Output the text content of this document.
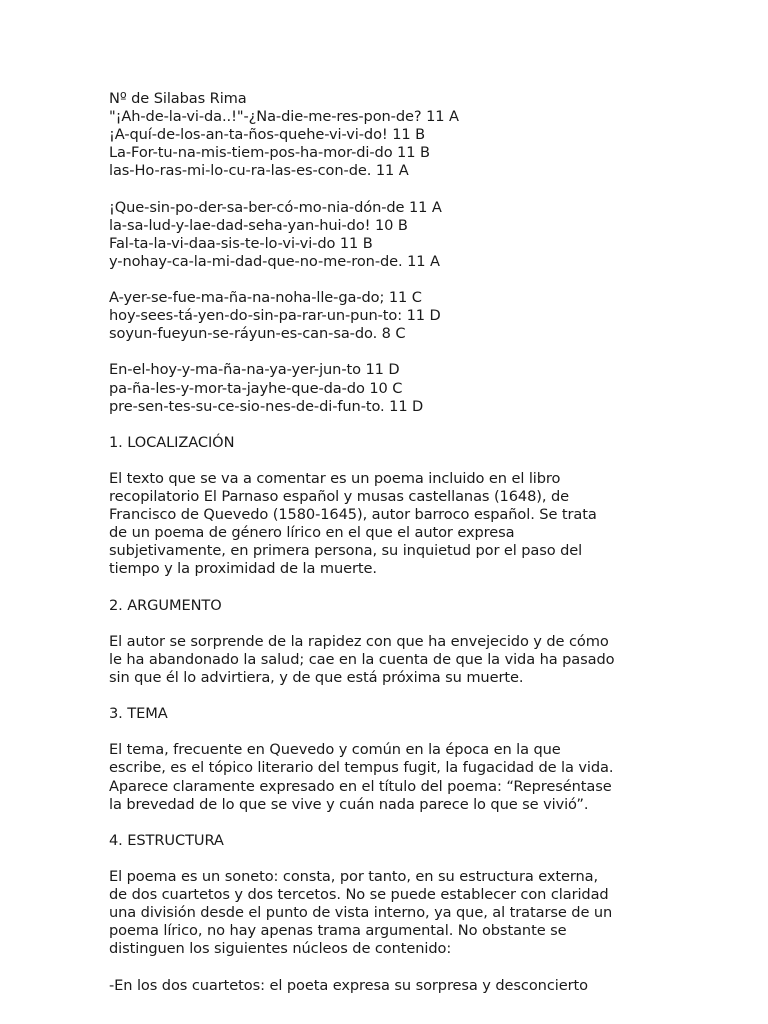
Nº de Silabas Rima
"¡Ah-de-la-vi-da..!"-¿Na-die-me-res-pon-de? 11 A
¡A-quí-de-los-an-ta-ños-quehe-vi-vi-do! 11 B
La-For-tu-na-mis-tiem-pos-ha-mor-di-do 11 B
las-Ho-ras-mi-lo-cu-ra-las-es-con-de. 11 A
¡Que-sin-po-der-sa-ber-có-mo-nia-dón-de 11 A
la-sa-lud-y-lae-dad-seha-yan-hui-do! 10 B
Fal-ta-la-vi-daa-sis-te-lo-vi-vi-do 11 B
y-nohay-ca-la-mi-dad-que-no-me-ron-de. 11 A
A-yer-se-fue-ma-ña-na-noha-lle-ga-do; 11 C
hoy-sees-tá-yen-do-sin-pa-rar-un-pun-to: 11 D
soyun-fueyun-se-ráyun-es-can-sa-do. 8 C
En-el-hoy-y-ma-ña-na-ya-yer-jun-to 11 D
pa-ña-les-y-mor-ta-jayhe-que-da-do 10 C
pre-sen-tes-su-ce-sio-nes-de-di-fun-to. 11 D
1. LOCALIZACIÓN
El texto que se va a comentar es un poema incluido en el libro
recopilatorio El Parnaso español y musas castellanas (1648), de
Francisco de Quevedo (1580-1645), autor barroco español. Se trata
de un poema de género lírico en el que el autor expresa
subjetivamente, en primera persona, su inquietud por el paso del
tiempo y la proximidad de la muerte.
2. ARGUMENTO
El autor se sorprende de la rapidez con que ha envejecido y de cómo
le ha abandonado la salud; cae en la cuenta de que la vida ha pasado
sin que él lo advirtiera, y de que está próxima su muerte.
3. TEMA
El tema, frecuente en Quevedo y común en la época en la que
escribe, es el tópico literario del tempus fugit, la fugacidad de la vida.
Aparece claramente expresado en el título del poema: “Represéntase
la brevedad de lo que se vive y cuán nada parece lo que se vivió”.
4. ESTRUCTURA
El poema es un soneto: consta, por tanto, en su estructura externa,
de dos cuartetos y dos tercetos. No se puede establecer con claridad
una división desde el punto de vista interno, ya que, al tratarse de un
poema lírico, no hay apenas trama argumental. No obstante se
distinguen los siguientes núcleos de contenido:
-En los dos cuartetos: el poeta expresa su sorpresa y desconcierto
